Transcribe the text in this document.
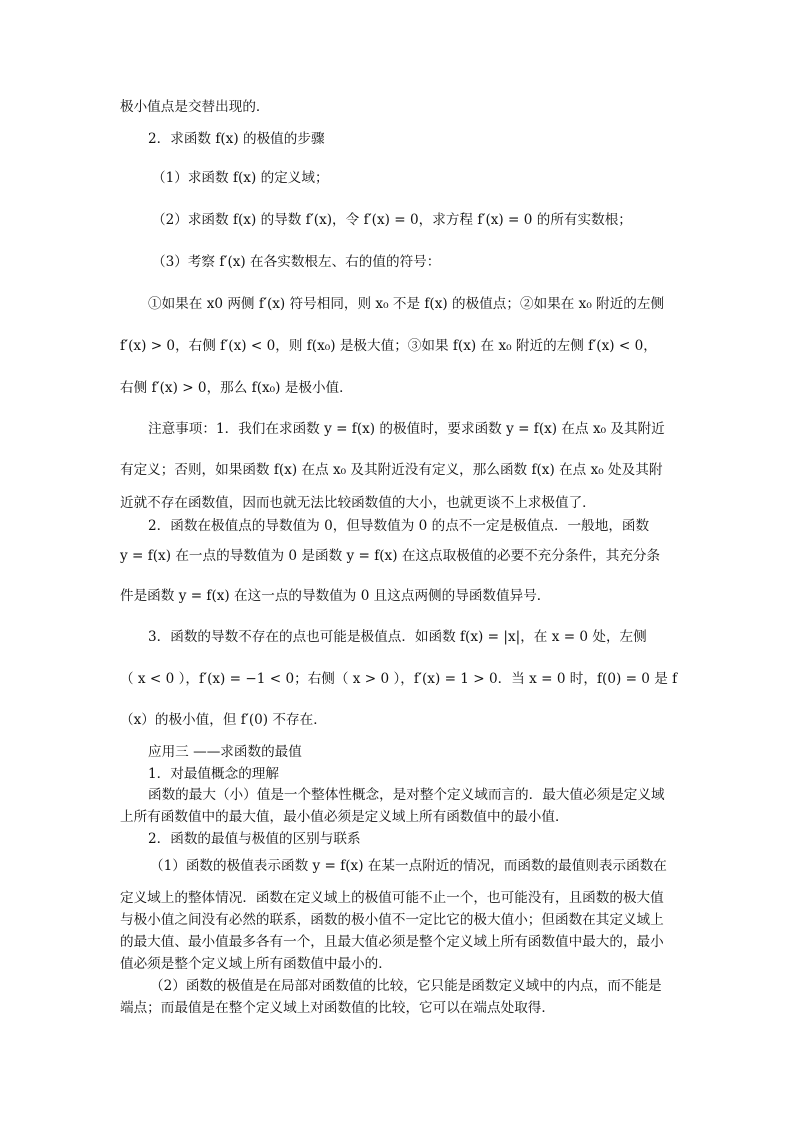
极小值点是交替出现的．
2．求函数 f(x) 的极值的步骤
（1）求函数 f(x) 的定义域；
（2）求函数 f(x) 的导数 f′(x)，令 f′(x) = 0，求方程 f′(x) = 0 的所有实数根；
（3）考察 f′(x) 在各实数根左、右的值的符号：
①如果在 x0 两侧 f′(x) 符号相同，则 x₀ 不是 f(x) 的极值点；②如果在 x₀ 附近的左侧
f′(x) > 0，右侧 f′(x) < 0，则 f(x₀) 是极大值；③如果 f(x) 在 x₀ 附近的左侧 f′(x) < 0，
右侧 f′(x) > 0，那么 f(x₀) 是极小值．
注意事项：1．我们在求函数 y = f(x) 的极值时，要求函数 y = f(x) 在点 x₀ 及其附近
有定义；否则，如果函数 f(x) 在点 x₀ 及其附近没有定义，那么函数 f(x) 在点 x₀ 处及其附
近就不存在函数值，因而也就无法比较函数值的大小，也就更谈不上求极值了．
2．函数在极值点的导数值为 0，但导数值为 0 的点不一定是极值点．一般地，函数
y = f(x) 在一点的导数值为 0 是函数 y = f(x) 在这点取极值的必要不充分条件，其充分条
件是函数 y = f(x) 在这一点的导数值为 0 且这点两侧的导函数值异号．
3．函数的导数不存在的点也可能是极值点．如函数 f(x) = |x|，在 x = 0 处，左侧
（ x < 0 ），f′(x) = −1 < 0；右侧（ x > 0 ），f′(x) = 1 > 0．当 x = 0 时，f(0) = 0 是 f
（x）的极小值，但 f′(0) 不存在．
应用三 ——求函数的最值
1．对最值概念的理解
函数的最大（小）值是一个整体性概念，是对整个定义域而言的．最大值必须是定义域
上所有函数值中的最大值，最小值必须是定义域上所有函数值中的最小值．
2．函数的最值与极值的区别与联系
（1）函数的极值表示函数 y = f(x) 在某一点附近的情况，而函数的最值则表示函数在
定义域上的整体情况．函数在定义域上的极值可能不止一个，也可能没有，且函数的极大值
与极小值之间没有必然的联系，函数的极小值不一定比它的极大值小；但函数在其定义域上
的最大值、最小值最多各有一个，且最大值必须是整个定义域上所有函数值中最大的，最小
值必须是整个定义域上所有函数值中最小的．
（2）函数的极值是在局部对函数值的比较，它只能是函数定义域中的内点，而不能是
端点；而最值是在整个定义域上对函数值的比较，它可以在端点处取得．
